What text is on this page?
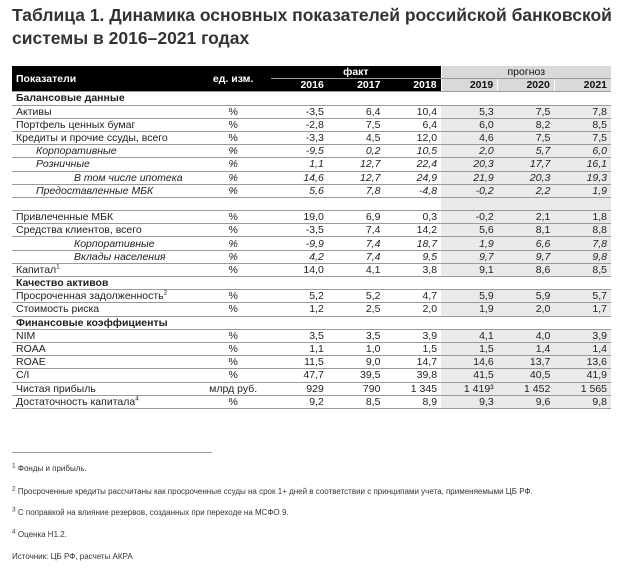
Таблица 1. Динамика основных показателей российской банковской системы в 2016–2021 годах
Показатели	ед. изм.	факт			прогноз		
		2016	2017	2018	2019	2020	2021
Балансовые данные							
Активы	%	-3,5	6,4	10,4	5,3	7,5	7,8
Портфель ценных бумаг	%	-2,8	7,5	6,4	6,0	8,2	8,5
Кредиты и прочие ссуды, всего	%	-3,3	4,5	12,0	4,6	7,5	7,5
Корпоративные	%	-9,5	0,2	10,5	2,0	5,7	6,0
Розничные	%	1,1	12,7	22,4	20,3	17,7	16,1
В том числе ипотека	%	14,6	12,7	24,9	21,9	20,3	19,3
Предоставленные МБК	%	5,6	7,8	-4,8	-0,2	2,2	1,9

Привлеченные МБК	%	19,0	6,9	0,3	-0,2	2,1	1,8
Средства клиентов, всего	%	-3,5	7,4	14,2	5,6	8,1	8,8
Корпоративные	%	-9,9	7,4	18,7	1,9	6,6	7,8
Вклады населения	%	4,2	7,4	9,5	9,7	9,7	9,8
Капитал$^1$	%	14,0	4,1	3,8	9,1	8,6	8,5
Качество активов							
Просроченная задолженность$^2$	%	5,2	5,2	4,7	5,9	5,9	5,7
Стоимость риска	%	1,2	2,5	2,0	1,9	2,0	1,7
Финансовые коэффициенты							
NIM	%	3,5	3,5	3,9	4,1	4,0	3,9
ROAA	%	1,1	1,0	1,5	1,5	1,4	1,4
ROAE	%	11,5	9,0	14,7	14,6	13,7	13,6
C/I	%	47,7	39,5	39,8	41,5	40,5	41,9
Чистая прибыль	млрд руб.	929	790	1 345	1 419³	1 452	1 565
Достаточность капитала$^4$	%	9,2	8,5	8,9	9,3	9,6	9,8
$^1$ Фонды и прибыль.
$^2$ Просроченные кредиты рассчитаны как просроченные ссуды на срок 1+ дней в соответствии с принципами учета, применяемыми ЦБ РФ.
$^3$ С поправкой на влияние резервов, созданных при переходе на МСФО 9.
$^4$ Оценка Н1.2.
Источник: ЦБ РФ, расчеты АКРА
